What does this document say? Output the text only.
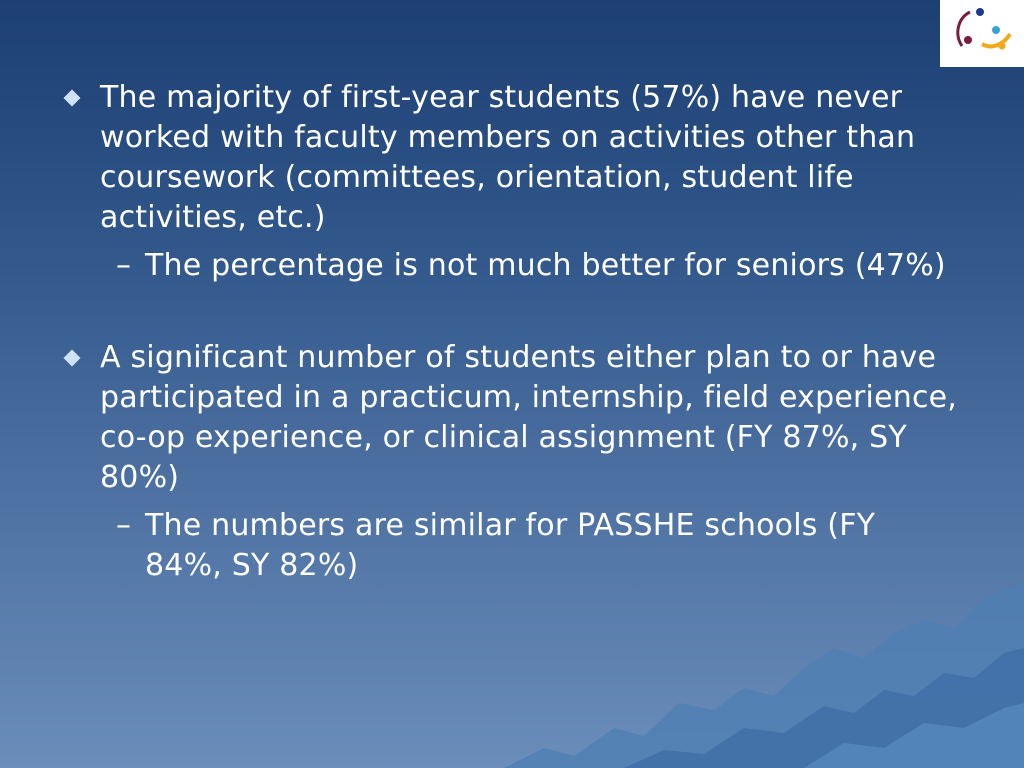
The majority of first-year students (57%) have never worked with faculty members on activities other than coursework (committees, orientation, student life activities, etc.)
– The percentage is not much better for seniors (47%)
A significant number of students either plan to or have participated in a practicum, internship, field experience, co-op experience, or clinical assignment (FY 87%, SY 80%)
– The numbers are similar for PASSHE schools (FY 84%, SY 82%)
